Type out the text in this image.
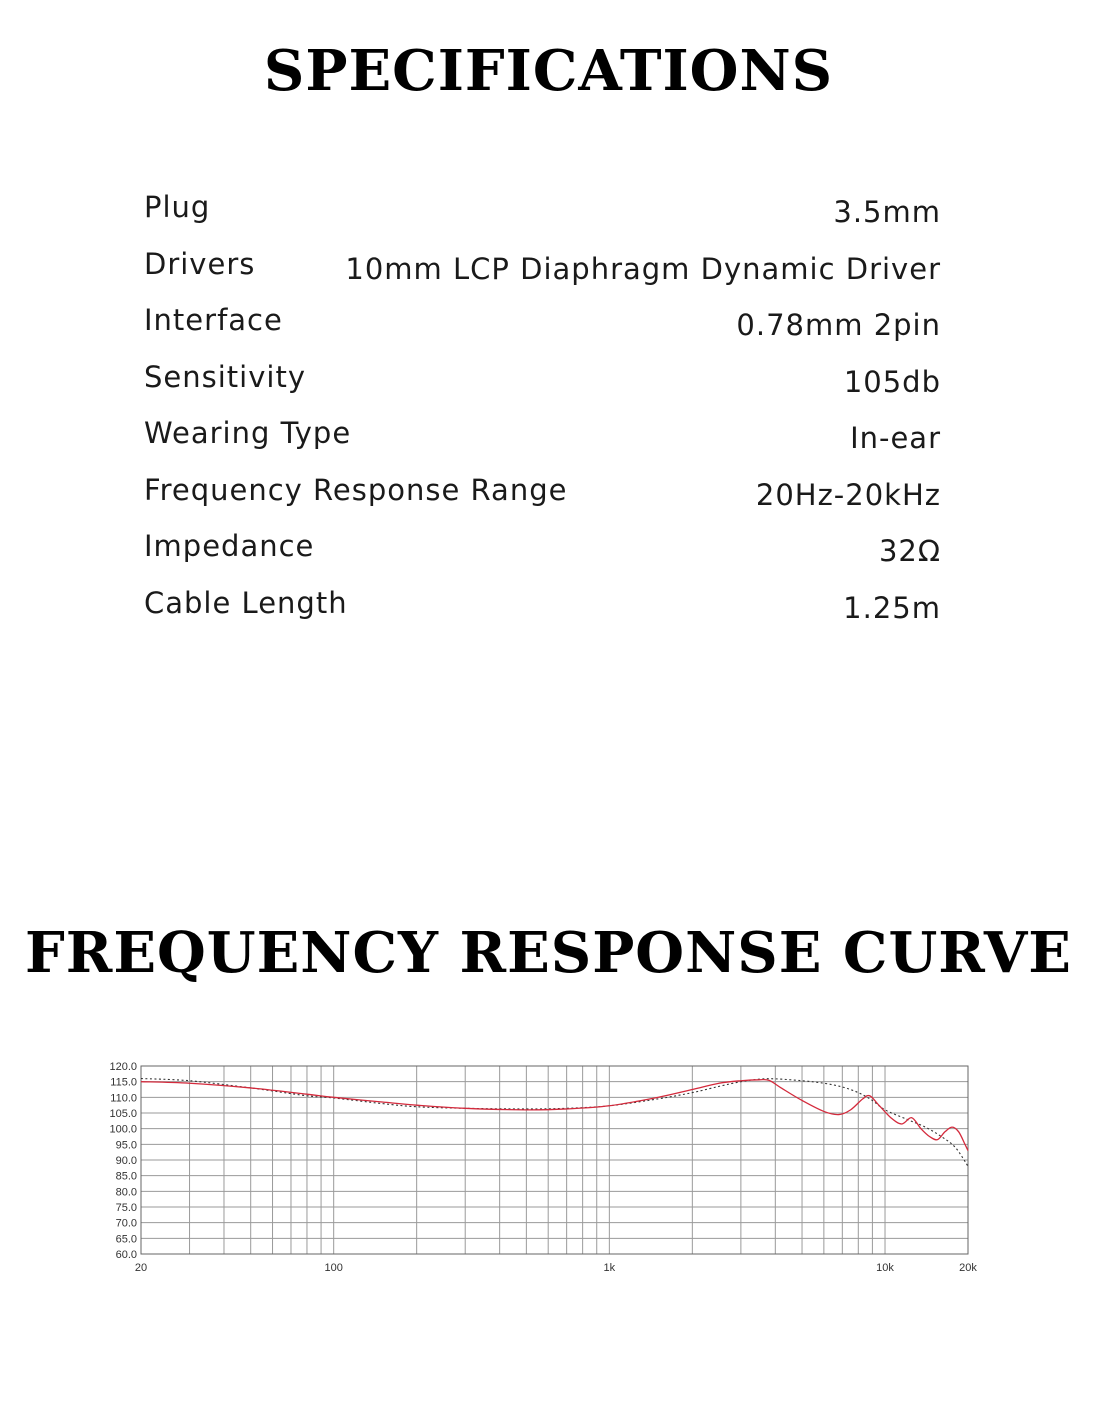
SPECIFICATIONS
Plug	3.5mm
Drivers	10mm LCP Diaphragm Dynamic Driver
Interface	0.78mm 2pin
Sensitivity	105db
Wearing Type	In-ear
Frequency Response Range	20Hz-20kHz
Impedance	32Ω
Cable Length	1.25m
FREQUENCY RESPONSE CURVE
120.0
115.0
110.0
105.0
100.0
95.0
90.0
85.0
80.0
75.0
70.0
65.0
60.0
20	100	1k	10k	20k
